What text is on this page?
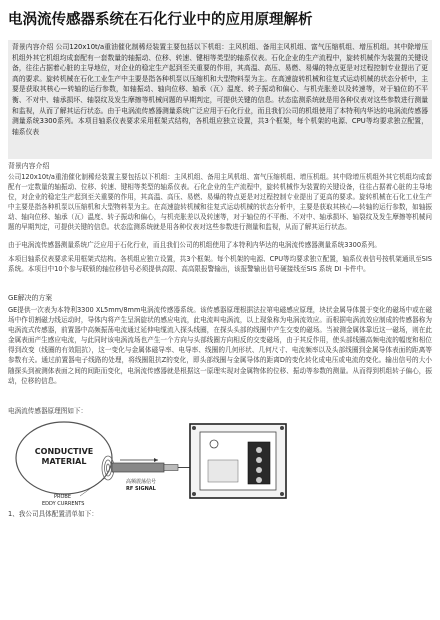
电涡流传感器系统在石化行业中的应用原理解析

背景内容介绍 公司120x10t/a重油催化制稀烃装置主要包括以下机组：主风机组、备用主风机组、富气压缩机组、增压机组。其中除增压机组外其它机组均成套配有一套数量的轴振动、位移、转速、键相等类型的轴系仪表。石化企业的生产流程中，旋转机械作为装置的关键设备，往往占据着心脏的主导地位，对企业的稳定生产起到至关重要的作用，其高温、高压、易燃、易爆的特点更是对过程控制专业提出了更高的要求。旋转机械在石化工业生产中主要是指各种机泵以压缩机和大型物料泵为主。在高速旋转机械和往复式运动机械的状态分析中，主要是获取其核心—转轴的运行参数，如轴振动、轴向位移、轴承（瓦）温度、转子振动和偏心、与机壳胀差以及转速等，对于轴位的不平衡、不对中、轴承损坏、轴裂纹及发生摩擦等机械问题的早期判定，可提供关键的信息。状态监测系统就是用各种仪表对这些参数进行测量和监视，从而了解其运行状态。由于电涡流传感器测量系统广泛应用于石化行业，而且我们公司的机组使用了本特利内华达的电涡流传感器测量系统3300系列。本项目轴系仪表要求采用框架式结构，各机组应独立设置，共3个框架，每个机架的电源、CPU等均要求独立配置，轴系仪表

背景内容介绍

公司120x10t/a重油催化制稀烃装置主要包括以下机组：主风机组、备用主风机组、富气压缩机组、增压机组。其中除增压机组外其它机组均成套配有一定数量的轴振动、位移、转速、键相等类型的轴系仪表。石化企业的生产流程中，旋转机械作为装置的关键设备，往往占据着心脏的主导地位，对企业的稳定生产起到至关重要的作用，其高温、高压、易燃、易爆的特点更是对过程控制专业提出了更高的要求。旋转机械在石化工业生产中主要是指各种机泵以压缩机和大型物料泵为主。在高速旋转机械和往复式运动机械的状态分析中，主要是获取其核心—转轴的运行参数，如轴振动、轴向位移、轴承（瓦）温度、转子振动和偏心，与机壳胀差以及转速等，对于轴位的不平衡、不对中、轴承损坏、轴裂纹及发生摩擦等机械问题的早期判定，可提供关键的信息。状态监测系统就是用各种仪表对这些参数进行测量和监视，从而了解其运行状态。

由于电涡流传感器测量系统广泛应用于石化行业，而且我们公司的机组使用了本特利内华达的电涡流传感器测量系统3300系列。

本项目轴系仪表要求采用框架式结构。各机组应独立设置，共3个框架。每个机架的电源、CPU等均要求独立配置，轴系仪表信号按机架通讯至SIS系统。本项目中10个参与联锁的轴位移信号必须提供高限、高高限报警输出，该报警输出信号硬接线至SIS 系统 DI 卡件中。

GE解决的方案

GE提供一次表为本特利3300 XL5mm/8mm电涡流传感器系统。该传感器原理根据法拉第电磁感应原理，块状金属导体置于变化的磁场中或在磁场中作切割磁力线运动时，导体内将产生呈涡旋状的感应电流，此电流叫电涡流，以上现象称为电涡流效应。而根据电涡流效应制成的传感器称为电涡流式传感器，前置器中高频振荡电流通过延伸电缆流入探头线圈，在探头头部的线圈中产生交变的磁场。当被测金属体靠近这一磁场，则在此金属表面产生感应电流，与此同时该电涡流场也产生一个方向与头部线圈方向相反的交变磁场，由于其反作用，使头部线圈高频电流的幅度和相位得到改变（线圈的有效阻抗），这一变化与金属体磁导率、电导率、线圈的几何形状、几何尺寸、电流频率以及头部线圈到金属导体表面的距离等参数有关。通过前置器电子线路的处理，将线圈阻抗Z的变化，即头部线圈与金属导体的距离D的变化转化成电压或电流的变化。输出信号的大小随探头到被测体表面之间的间距而变化，电涡流传感器就是根据这一原理实现对金属物体的位移、振动等参数的测量。从而得到机组转子偏心，振动，位移的信息。

电涡流传感器原理图如下：

CONDUCTIVE
MATERIAL
高频震荡信号
RF SIGNAL
PROBE
EDDY CURRENTS

1、我公司具体配置清单如下：
